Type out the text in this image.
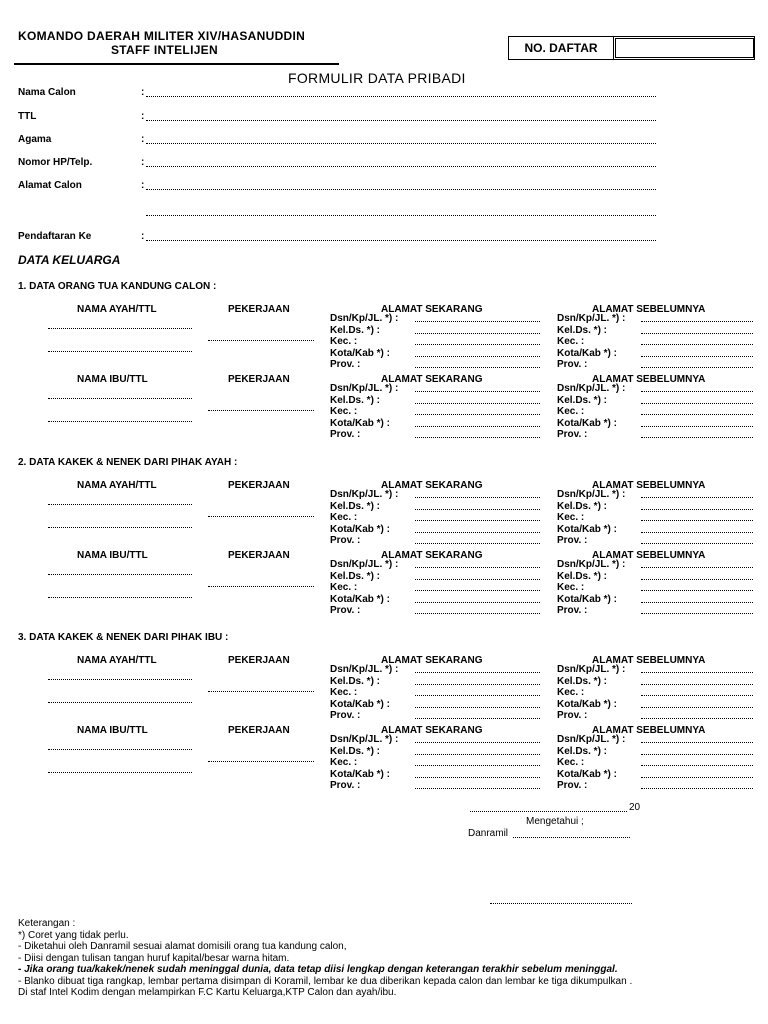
KOMANDO DAERAH MILITER XIV/HASANUDDIN
STAFF INTELIJEN	NO. DAFTAR
FORMULIR DATA PRIBADI
Nama Calon	:
TTL	:
Agama	:
Nomor HP/Telp.	:
Alamat Calon	:
Pendaftaran Ke	:
DATA KELUARGA
1. DATA ORANG TUA KANDUNG CALON :
NAMA AYAH/TTL	PEKERJAAN	ALAMAT SEKARANG	ALAMAT SEBELUMNYA
Dsn/Kp/JL. *) :	Dsn/Kp/JL. *) :
Kel.Ds. *) :	Kel.Ds. *) :
Kec. :	Kec. :
Kota/Kab *) :	Kota/Kab *) :
Prov. :	Prov. :
NAMA IBU/TTL	PEKERJAAN	ALAMAT SEKARANG	ALAMAT SEBELUMNYA
Dsn/Kp/JL. *) :	Dsn/Kp/JL. *) :
Kel.Ds. *) :	Kel.Ds. *) :
Kec. :	Kec. :
Kota/Kab *) :	Kota/Kab *) :
Prov. :	Prov. :
2. DATA KAKEK & NENEK DARI PIHAK AYAH :
NAMA AYAH/TTL	PEKERJAAN	ALAMAT SEKARANG	ALAMAT SEBELUMNYA
Dsn/Kp/JL. *) :	Dsn/Kp/JL. *) :
Kel.Ds. *) :	Kel.Ds. *) :
Kec. :	Kec. :
Kota/Kab *) :	Kota/Kab *) :
Prov. :	Prov. :
NAMA IBU/TTL	PEKERJAAN	ALAMAT SEKARANG	ALAMAT SEBELUMNYA
Dsn/Kp/JL. *) :	Dsn/Kp/JL. *) :
Kel.Ds. *) :	Kel.Ds. *) :
Kec. :	Kec. :
Kota/Kab *) :	Kota/Kab *) :
Prov. :	Prov. :
3. DATA KAKEK & NENEK DARI PIHAK IBU :
NAMA AYAH/TTL	PEKERJAAN	ALAMAT SEKARANG	ALAMAT SEBELUMNYA
Dsn/Kp/JL. *) :	Dsn/Kp/JL. *) :
Kel.Ds. *) :	Kel.Ds. *) :
Kec. :	Kec. :
Kota/Kab *) :	Kota/Kab *) :
Prov. :	Prov. :
NAMA IBU/TTL	PEKERJAAN	ALAMAT SEKARANG	ALAMAT SEBELUMNYA
Dsn/Kp/JL. *) :	Dsn/Kp/JL. *) :
Kel.Ds. *) :	Kel.Ds. *) :
Kec. :	Kec. :
Kota/Kab *) :	Kota/Kab *) :
Prov. :	Prov. :
20
Mengetahui ;
Danramil
Keterangan :
*) Coret yang tidak perlu.
- Diketahui oleh Danramil sesuai alamat domisili orang tua kandung calon,
- Diisi dengan tulisan tangan huruf kapital/besar warna hitam.
- Jika orang tua/kakek/nenek sudah meninggal dunia, data tetap diisi lengkap dengan keterangan terakhir sebelum meninggal.
- Blanko dibuat tiga rangkap, lembar pertama disimpan di Koramil, lembar ke dua diberikan kepada calon dan lembar ke tiga dikumpulkan .
Di staf Intel Kodim dengan melampirkan F.C Kartu Keluarga,KTP Calon dan ayah/ibu.
